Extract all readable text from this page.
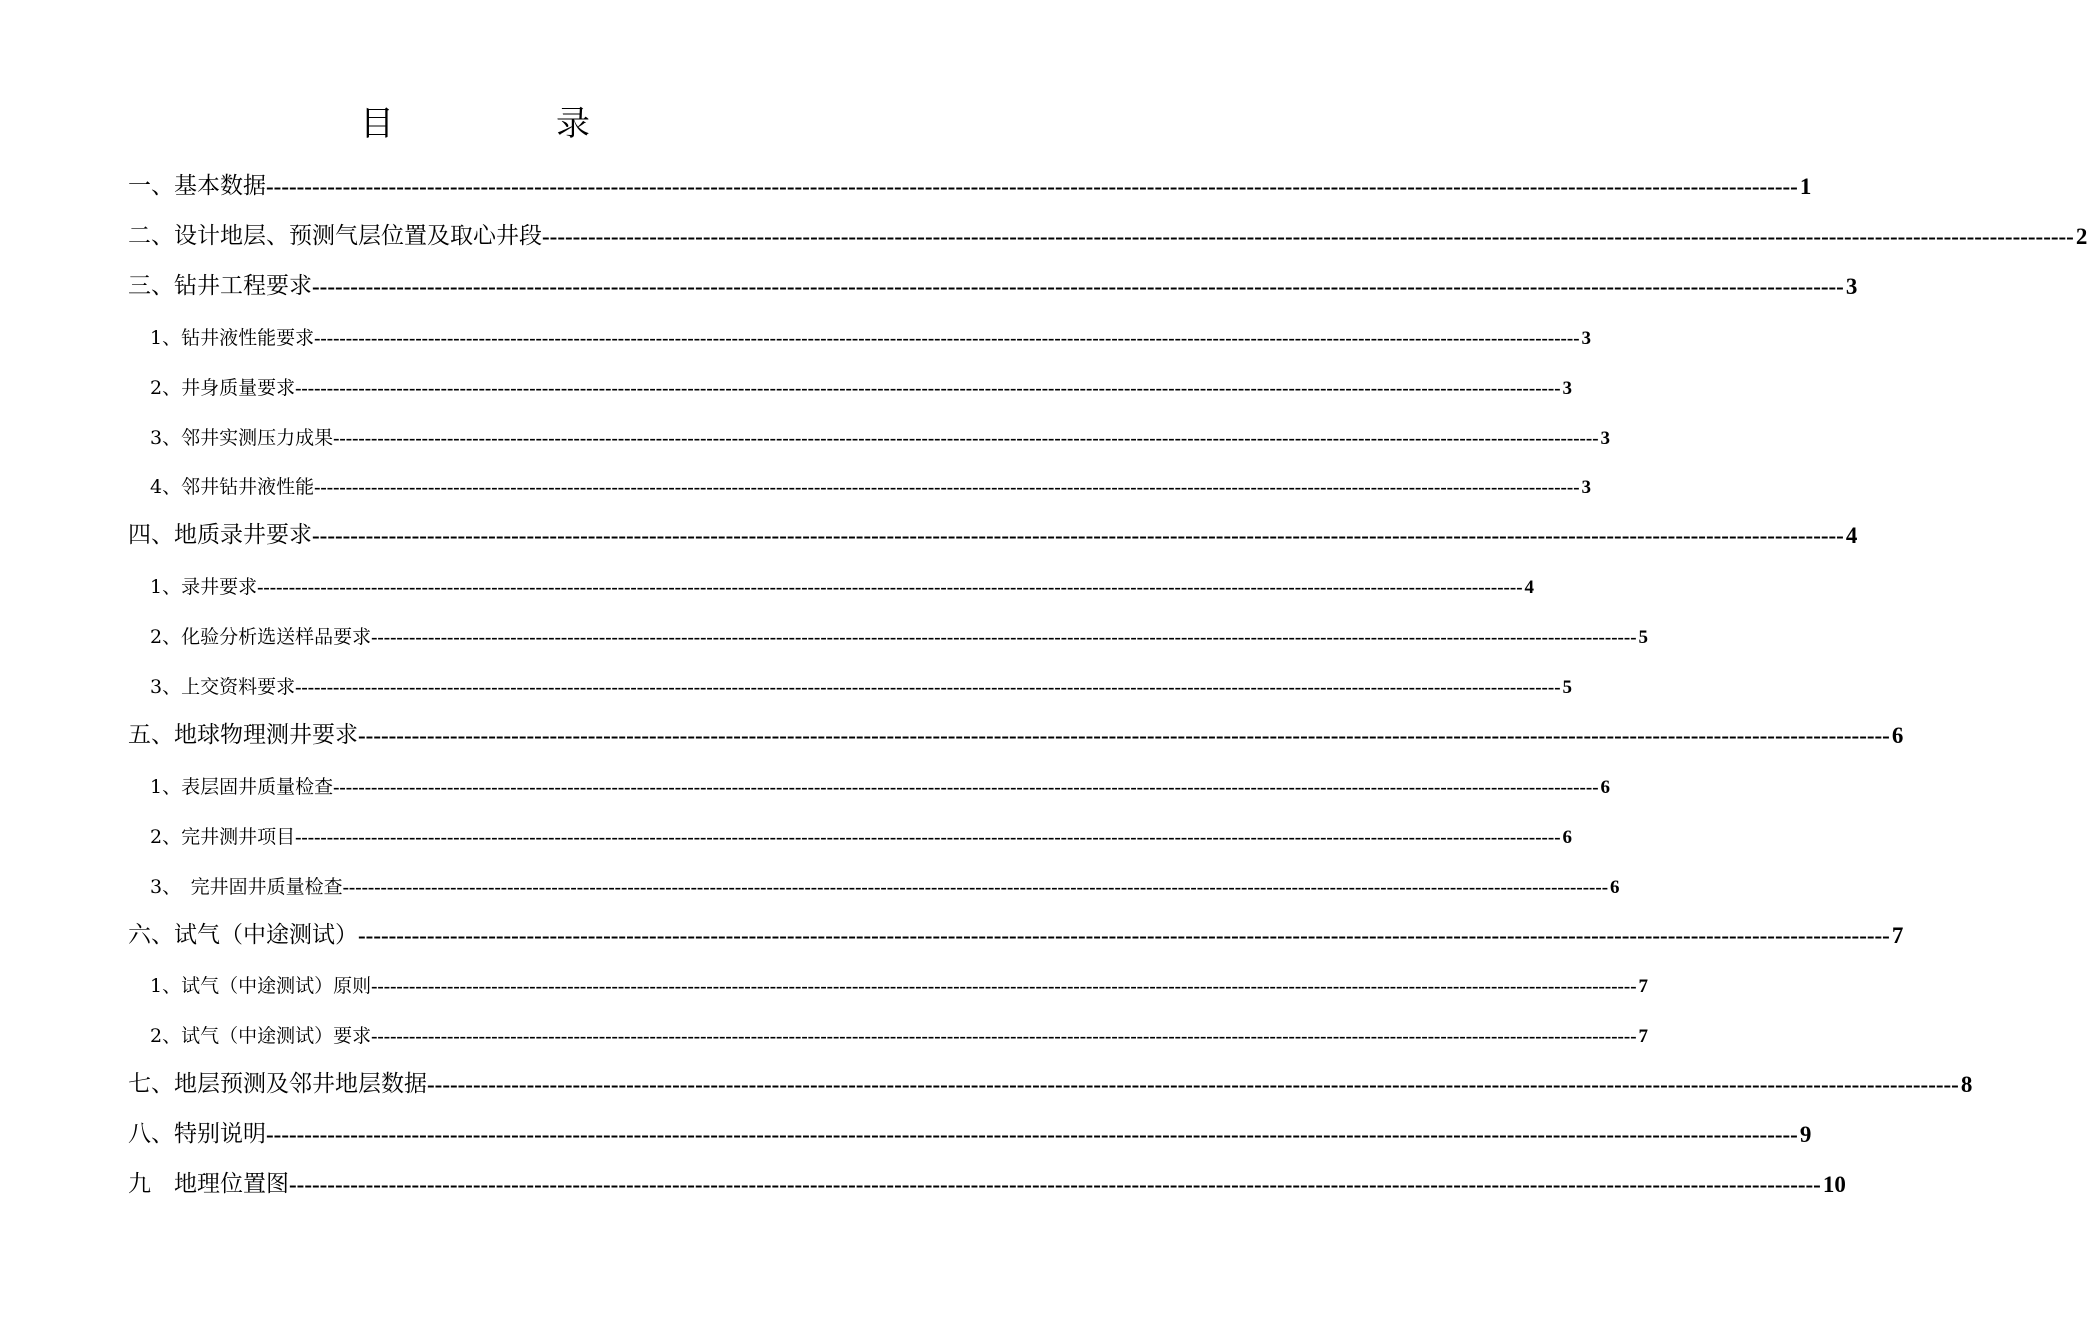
目　录
一、基本数据 -------------------------------------------------------------------------------------------------------------------------------------------------------------------------------------------------------- 1
二、设计地层、预测气层位置及取心井段 -------------------------------------------------------------------------------------------------------------------------------------------------------------------------------------------------------- 2
三、钻井工程要求 -------------------------------------------------------------------------------------------------------------------------------------------------------------------------------------------------------- 3
1、钻井液性能要求 -------------------------------------------------------------------------------------------------------------------------------------------------------------------------------------------------------- 3
2、井身质量要求 -------------------------------------------------------------------------------------------------------------------------------------------------------------------------------------------------------- 3
3、邻井实测压力成果 -------------------------------------------------------------------------------------------------------------------------------------------------------------------------------------------------------- 3
4、邻井钻井液性能 -------------------------------------------------------------------------------------------------------------------------------------------------------------------------------------------------------- 3
四、地质录井要求 -------------------------------------------------------------------------------------------------------------------------------------------------------------------------------------------------------- 4
1、录井要求 -------------------------------------------------------------------------------------------------------------------------------------------------------------------------------------------------------- 4
2、化验分析选送样品要求 -------------------------------------------------------------------------------------------------------------------------------------------------------------------------------------------------------- 5
3、上交资料要求 -------------------------------------------------------------------------------------------------------------------------------------------------------------------------------------------------------- 5
五、地球物理测井要求 -------------------------------------------------------------------------------------------------------------------------------------------------------------------------------------------------------- 6
1、表层固井质量检查 -------------------------------------------------------------------------------------------------------------------------------------------------------------------------------------------------------- 6
2、完井测井项目 -------------------------------------------------------------------------------------------------------------------------------------------------------------------------------------------------------- 6
3、　完井固井质量检查 -------------------------------------------------------------------------------------------------------------------------------------------------------------------------------------------------------- 6
六、试气（中途测试） -------------------------------------------------------------------------------------------------------------------------------------------------------------------------------------------------------- 7
1、试气（中途测试）原则 -------------------------------------------------------------------------------------------------------------------------------------------------------------------------------------------------------- 7
2、试气（中途测试）要求 -------------------------------------------------------------------------------------------------------------------------------------------------------------------------------------------------------- 7
七、地层预测及邻井地层数据 -------------------------------------------------------------------------------------------------------------------------------------------------------------------------------------------------------- 8
八、特别说明 -------------------------------------------------------------------------------------------------------------------------------------------------------------------------------------------------------- 9
九　地理位置图 -------------------------------------------------------------------------------------------------------------------------------------------------------------------------------------------------------- 10
